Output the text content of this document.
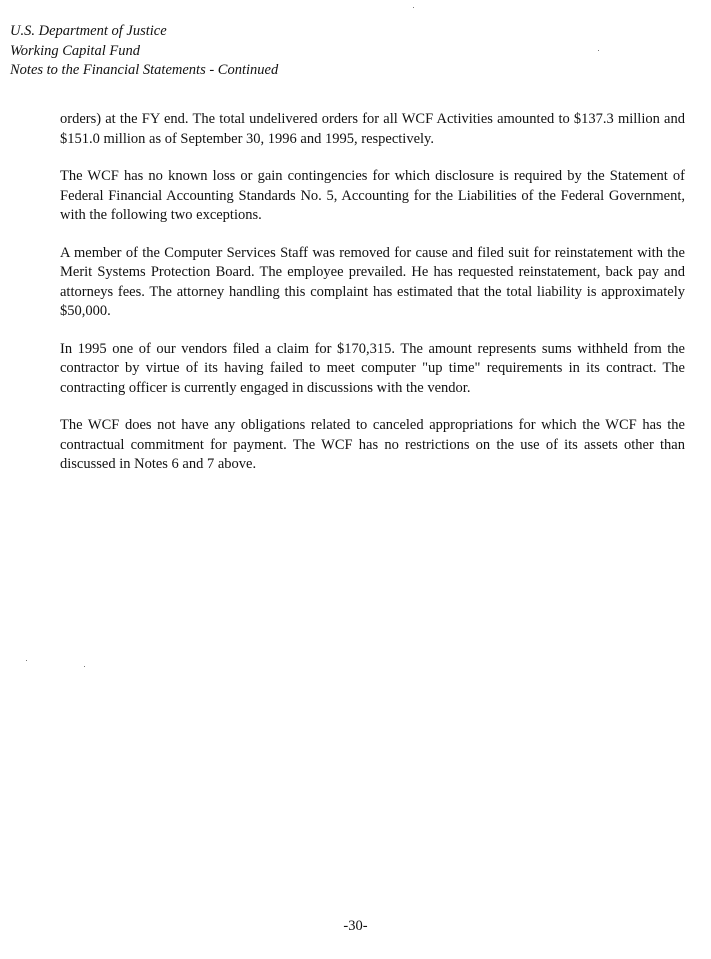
U.S. Department of Justice
Working Capital Fund
Notes to the Financial Statements - Continued

orders) at the FY end. The total undelivered orders for all WCF Activities amounted to $137.3 million and $151.0 million as of September 30, 1996 and 1995, respectively.

The WCF has no known loss or gain contingencies for which disclosure is required by the Statement of Federal Financial Accounting Standards No. 5, Accounting for the Liabilities of the Federal Government, with the following two exceptions.

A member of the Computer Services Staff was removed for cause and filed suit for reinstatement with the Merit Systems Protection Board. The employee prevailed. He has requested reinstatement, back pay and attorneys fees. The attorney handling this complaint has estimated that the total liability is approximately $50,000.

In 1995 one of our vendors filed a claim for $170,315. The amount represents sums withheld from the contractor by virtue of its having failed to meet computer "up time" requirements in its contract. The contracting officer is currently engaged in discussions with the vendor.

The WCF does not have any obligations related to canceled appropriations for which the WCF has the contractual commitment for payment. The WCF has no restrictions on the use of its assets other than discussed in Notes 6 and 7 above.

-30-
